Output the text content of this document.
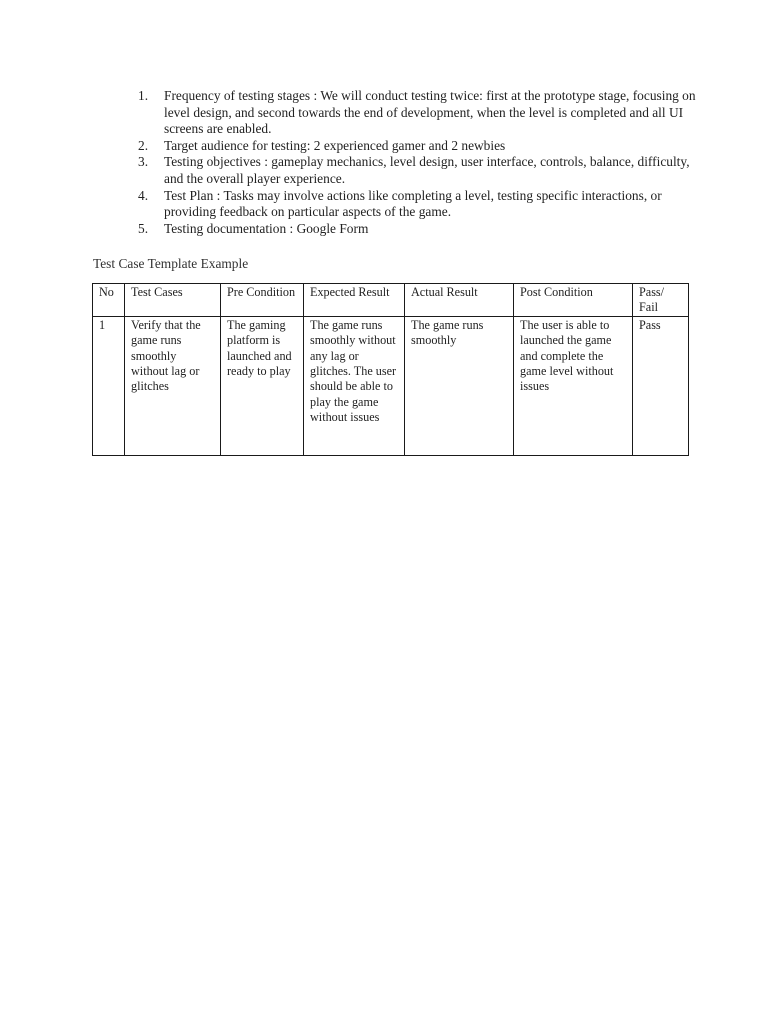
1. Frequency of testing stages : We will conduct testing twice: first at the prototype stage, focusing on level design, and second towards the end of development, when the level is completed and all UI screens are enabled.
2. Target audience for testing: 2 experienced gamer and 2 newbies
3. Testing objectives : gameplay mechanics, level design, user interface, controls, balance, difficulty, and the overall player experience.
4. Test Plan : Tasks may involve actions like completing a level, testing specific interactions, or providing feedback on particular aspects of the game.
5. Testing documentation : Google Form
Test Case Template Example
No	Test Cases	Pre Condition	Expected Result	Actual Result	Post Condition	Pass/ Fail
1	Verify that the game runs smoothly without lag or glitches	The gaming platform is launched and ready to play	The game runs smoothly without any lag or glitches. The user should be able to play the game without issues	The game runs smoothly	The user is able to launched the game and complete the game level without issues	Pass
